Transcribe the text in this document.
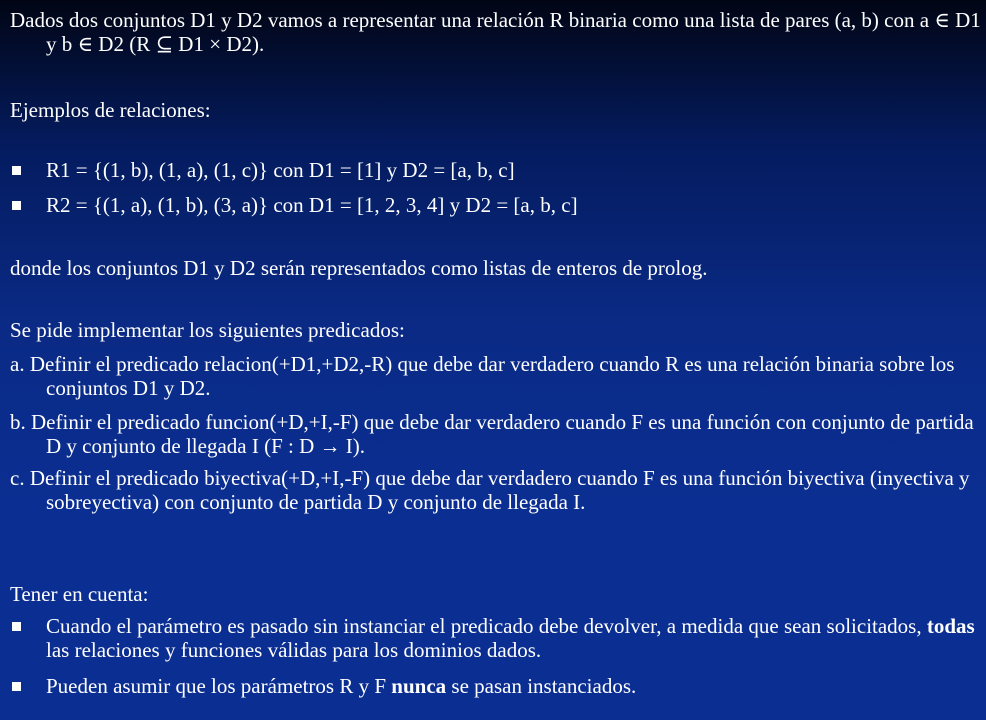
Dados dos conjuntos D1 y D2 vamos a representar una relación R binaria como una lista de pares (a, b) con a ∈ D1 y b ∈ D2 (R ⊆ D1 × D2).
Ejemplos de relaciones:
R1 = {(1, b), (1, a), (1, c)} con D1 = [1] y D2 = [a, b, c]
R2 = {(1, a), (1, b), (3, a)} con D1 = [1, 2, 3, 4] y D2 = [a, b, c]
donde los conjuntos D1 y D2 serán representados como listas de enteros de prolog.
Se pide implementar los siguientes predicados:
a. Definir el predicado relacion(+D1,+D2,-R) que debe dar verdadero cuando R es una relación binaria sobre los conjuntos D1 y D2.
b. Definir el predicado funcion(+D,+I,-F) que debe dar verdadero cuando F es una función con conjunto de partida D y conjunto de llegada I (F : D → I).
c. Definir el predicado biyectiva(+D,+I,-F) que debe dar verdadero cuando F es una función biyectiva (inyectiva y sobreyectiva) con conjunto de partida D y conjunto de llegada I.
Tener en cuenta:
Cuando el parámetro es pasado sin instanciar el predicado debe devolver, a medida que sean solicitados, todas las relaciones y funciones válidas para los dominios dados.
Pueden asumir que los parámetros R y F nunca se pasan instanciados.
